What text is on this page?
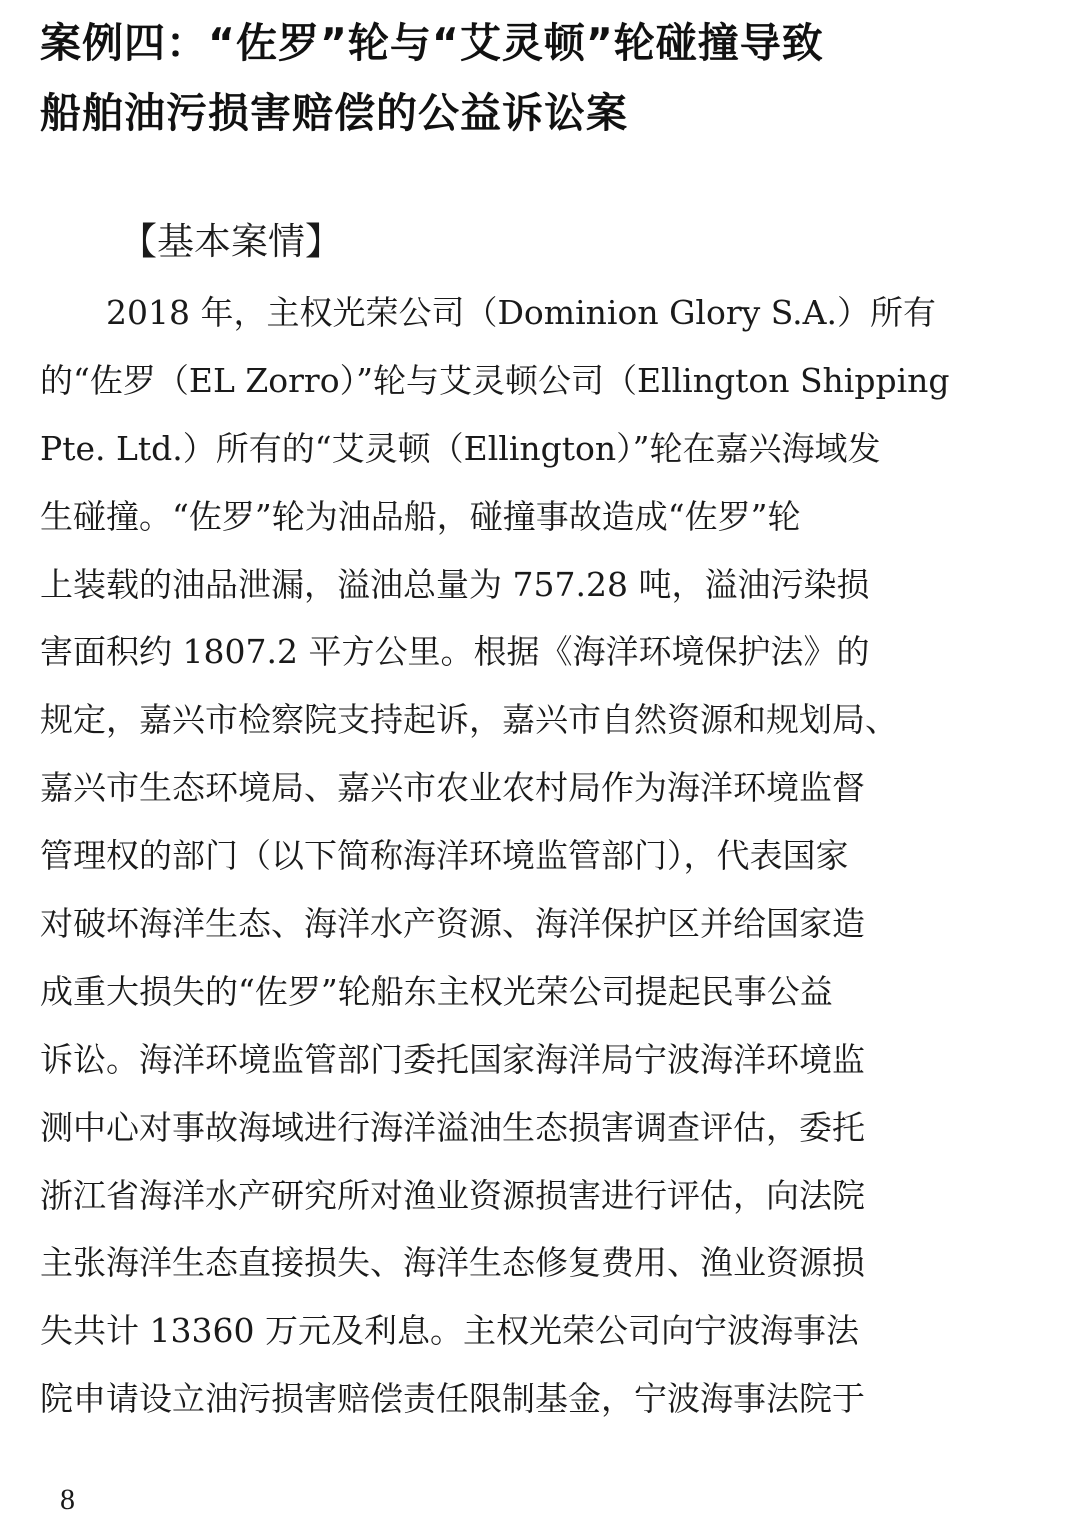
案例四：“佐罗”轮与“艾灵顿”轮碰撞导致
船舶油污损害赔偿的公益诉讼案
【基本案情】
　　2018 年，主权光荣公司（Dominion Glory S.A.）所有
的“佐罗（EL Zorro）”轮与艾灵顿公司（Ellington Shipping
Pte. Ltd.）所有的“艾灵顿（Ellington）”轮在嘉兴海域发
生碰撞。“佐罗”轮为油品船，碰撞事故造成“佐罗”轮
上装载的油品泄漏，溢油总量为 757.28 吨，溢油污染损
害面积约 1807.2 平方公里。根据《海洋环境保护法》的
规定，嘉兴市检察院支持起诉，嘉兴市自然资源和规划局、
嘉兴市生态环境局、嘉兴市农业农村局作为海洋环境监督
管理权的部门（以下简称海洋环境监管部门），代表国家
对破坏海洋生态、海洋水产资源、海洋保护区并给国家造
成重大损失的“佐罗”轮船东主权光荣公司提起民事公益
诉讼。海洋环境监管部门委托国家海洋局宁波海洋环境监
测中心对事故海域进行海洋溢油生态损害调查评估，委托
浙江省海洋水产研究所对渔业资源损害进行评估，向法院
主张海洋生态直接损失、海洋生态修复费用、渔业资源损
失共计 13360 万元及利息。主权光荣公司向宁波海事法
院申请设立油污损害赔偿责任限制基金，宁波海事法院于
8
